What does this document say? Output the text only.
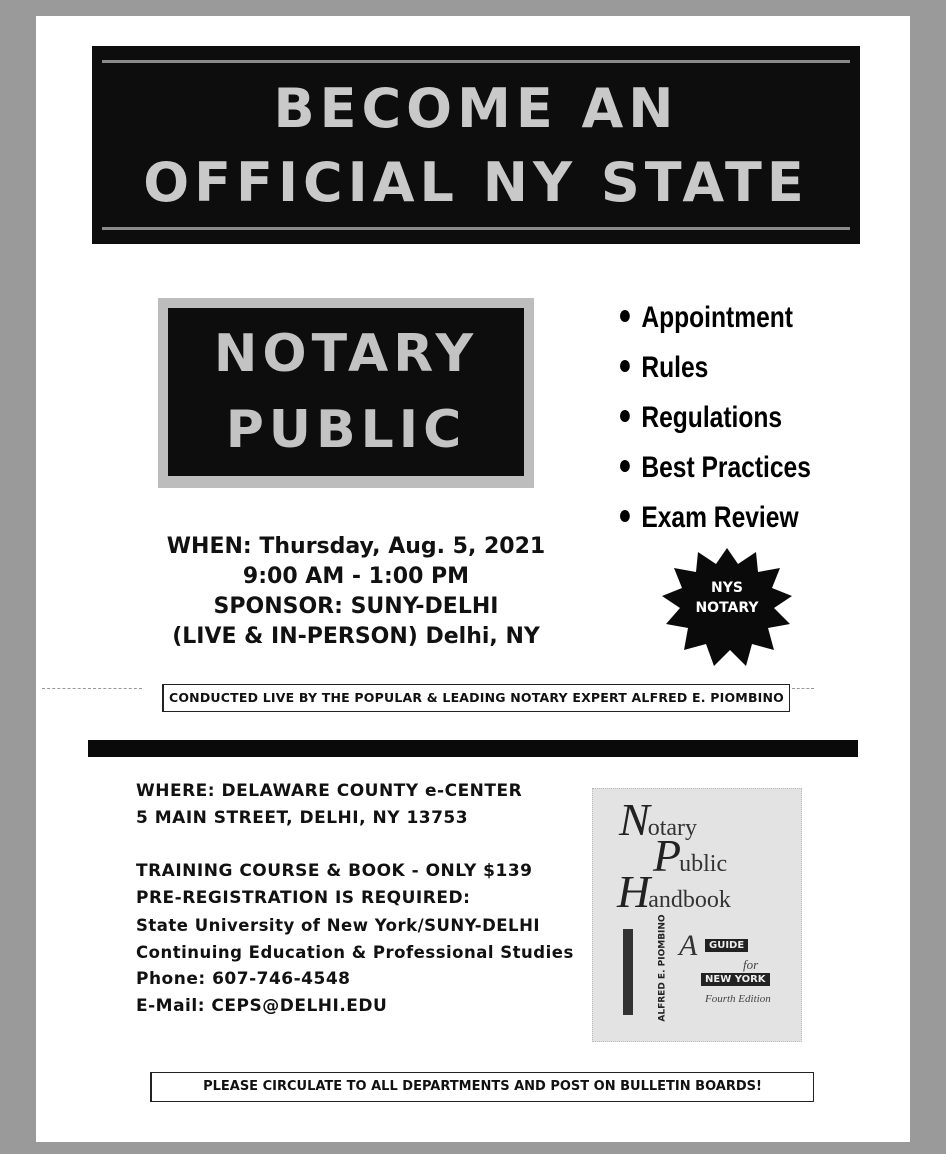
BECOME AN
OFFICIAL NY STATE
NOTARY
PUBLIC
Appointment
Rules
Regulations
Best Practices
Exam Review
WHEN: Thursday, Aug. 5, 2021
9:00 AM - 1:00 PM
SPONSOR: SUNY-DELHI
(LIVE & IN-PERSON) Delhi, NY
NYS
NOTARY
CONDUCTED LIVE BY THE POPULAR & LEADING NOTARY EXPERT ALFRED E. PIOMBINO
WHERE: DELAWARE COUNTY e-CENTER
5 MAIN STREET, DELHI, NY 13753
TRAINING COURSE & BOOK - ONLY $139
PRE-REGISTRATION IS REQUIRED:
State University of New York/SUNY-DELHI
Continuing Education & Professional Studies
Phone: 607-746-4548
E-Mail: CEPS@DELHI.EDU
Notary
Public
Handbook
ALFRED E. PIOMBINO A	GUIDE
for
NEW YORK
Fourth Edition
PLEASE CIRCULATE TO ALL DEPARTMENTS AND POST ON BULLETIN BOARDS!
